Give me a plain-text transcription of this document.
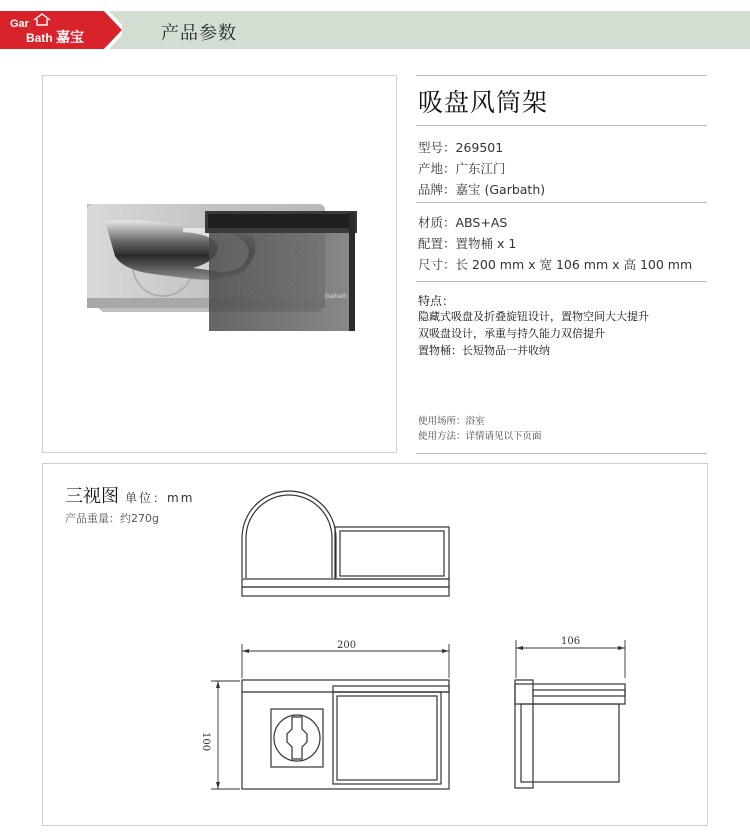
Gar
Bath 嘉宝	产品参数
Garbath
吸盘风筒架
型号：269501
产地：广东江门
品牌：嘉宝 (Garbath)
材质：ABS+AS
配置：置物桶 x 1
尺寸：长 200 mm x 宽 106 mm x 高 100 mm
特点：
隐藏式吸盘及折叠旋钮设计，置物空间大大提升
双吸盘设计，承重与持久能力双倍提升
置物桶：长短物品一并收纳
使用场所：浴室
使用方法：详情请见以下页面
三视图 单位：mm
产品重量：约270g
200	106
100
